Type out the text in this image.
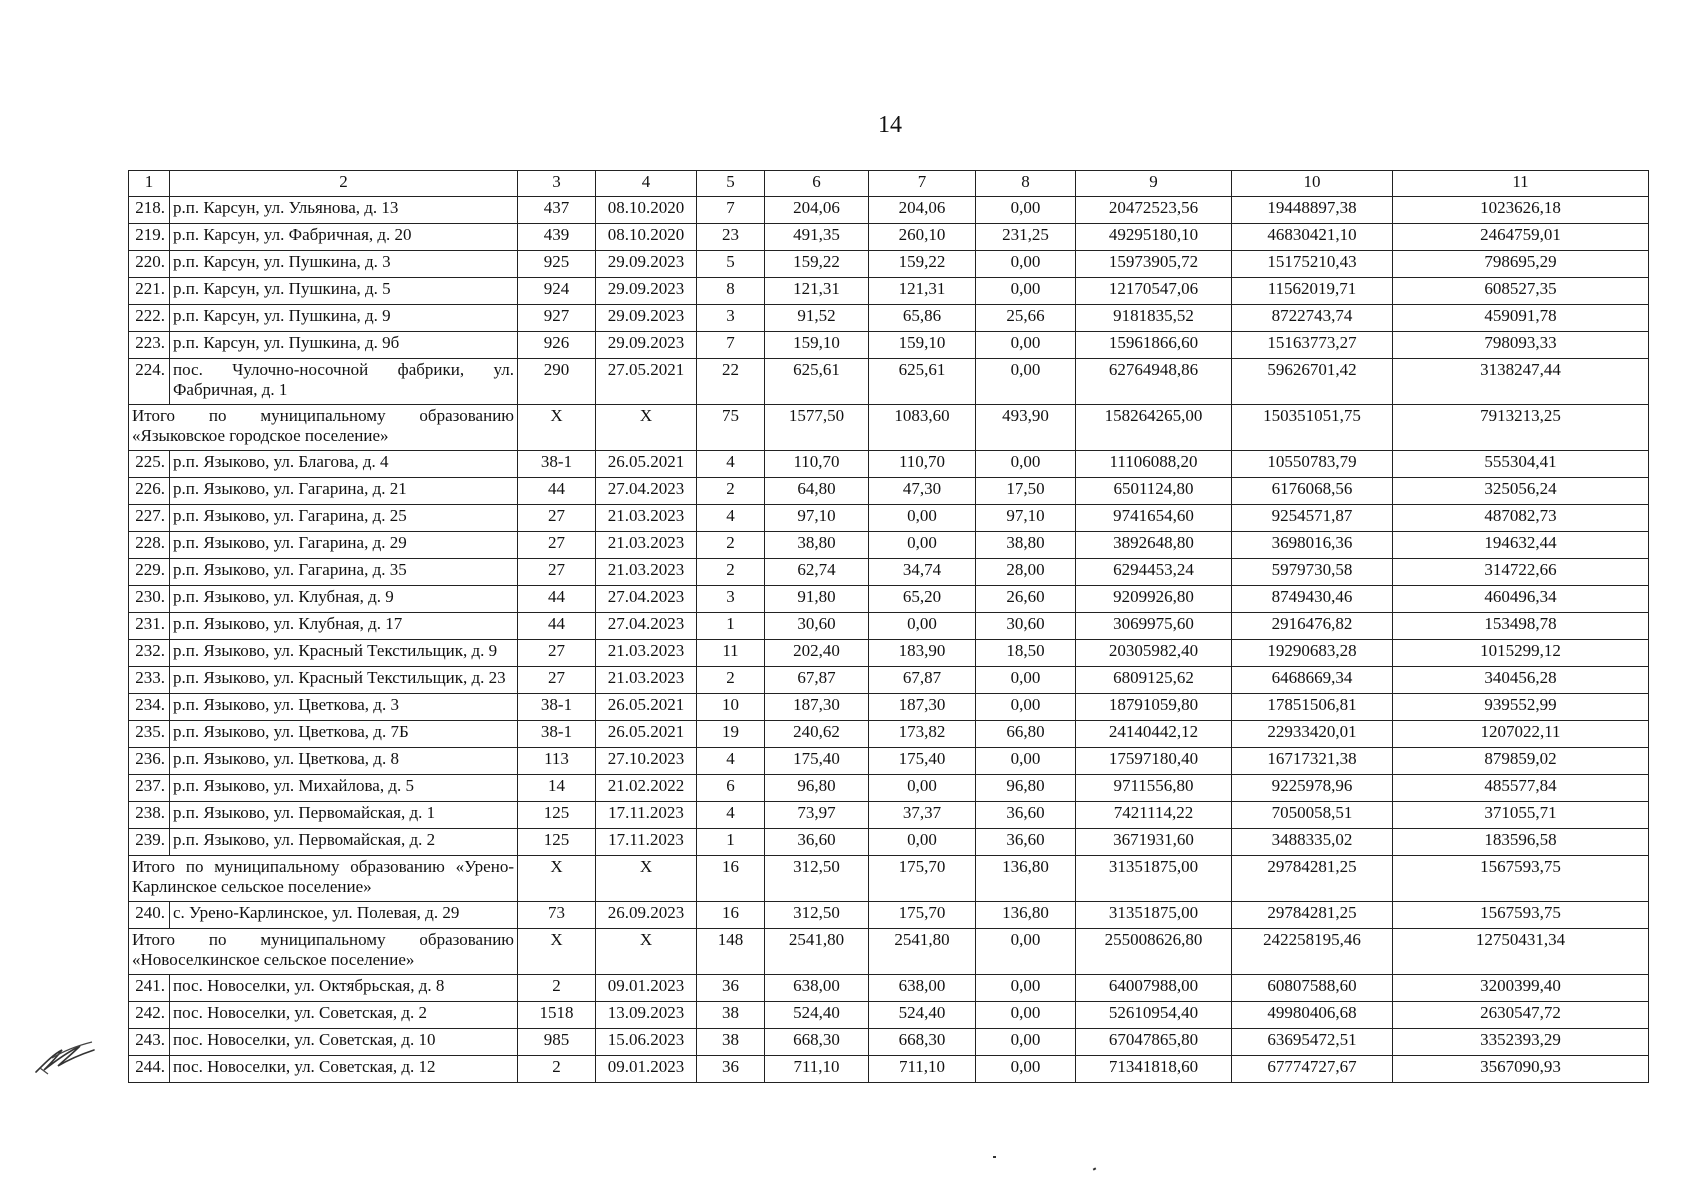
14
1	2	3	4	5	6	7	8	9	10	11
218.	р.п. Карсун, ул. Ульянова, д. 13	437	08.10.2020	7	204,06	204,06	0,00	20472523,56	19448897,38	1023626,18
219.	р.п. Карсун, ул. Фабричная, д. 20	439	08.10.2020	23	491,35	260,10	231,25	49295180,10	46830421,10	2464759,01
220.	р.п. Карсун, ул. Пушкина, д. 3	925	29.09.2023	5	159,22	159,22	0,00	15973905,72	15175210,43	798695,29
221.	р.п. Карсун, ул. Пушкина, д. 5	924	29.09.2023	8	121,31	121,31	0,00	12170547,06	11562019,71	608527,35
222.	р.п. Карсун, ул. Пушкина, д. 9	927	29.09.2023	3	91,52	65,86	25,66	9181835,52	8722743,74	459091,78
223.	р.п. Карсун, ул. Пушкина, д. 9б	926	29.09.2023	7	159,10	159,10	0,00	15961866,60	15163773,27	798093,33
224.	пос. Чулочно-носочной фабрики, ул. Фабричная, д. 1	290	27.05.2021	22	625,61	625,61	0,00	62764948,86	59626701,42	3138247,44
Итого по муниципальному образованию «Языковское городское поселение»		Х	Х	75	1577,50	1083,60	493,90	158264265,00	150351051,75	7913213,25
225.	р.п. Языково, ул. Благова, д. 4	38-1	26.05.2021	4	110,70	110,70	0,00	11106088,20	10550783,79	555304,41
226.	р.п. Языково, ул. Гагарина, д. 21	44	27.04.2023	2	64,80	47,30	17,50	6501124,80	6176068,56	325056,24
227.	р.п. Языково, ул. Гагарина, д. 25	27	21.03.2023	4	97,10	0,00	97,10	9741654,60	9254571,87	487082,73
228.	р.п. Языково, ул. Гагарина, д. 29	27	21.03.2023	2	38,80	0,00	38,80	3892648,80	3698016,36	194632,44
229.	р.п. Языково, ул. Гагарина, д. 35	27	21.03.2023	2	62,74	34,74	28,00	6294453,24	5979730,58	314722,66
230.	р.п. Языково, ул. Клубная, д. 9	44	27.04.2023	3	91,80	65,20	26,60	9209926,80	8749430,46	460496,34
231.	р.п. Языково, ул. Клубная, д. 17	44	27.04.2023	1	30,60	0,00	30,60	3069975,60	2916476,82	153498,78
232.	р.п. Языково, ул. Красный Текстильщик, д. 9	27	21.03.2023	11	202,40	183,90	18,50	20305982,40	19290683,28	1015299,12
233.	р.п. Языково, ул. Красный Текстильщик, д. 23	27	21.03.2023	2	67,87	67,87	0,00	6809125,62	6468669,34	340456,28
234.	р.п. Языково, ул. Цветкова, д. 3	38-1	26.05.2021	10	187,30	187,30	0,00	18791059,80	17851506,81	939552,99
235.	р.п. Языково, ул. Цветкова, д. 7Б	38-1	26.05.2021	19	240,62	173,82	66,80	24140442,12	22933420,01	1207022,11
236.	р.п. Языково, ул. Цветкова, д. 8	113	27.10.2023	4	175,40	175,40	0,00	17597180,40	16717321,38	879859,02
237.	р.п. Языково, ул. Михайлова, д. 5	14	21.02.2022	6	96,80	0,00	96,80	9711556,80	9225978,96	485577,84
238.	р.п. Языково, ул. Первомайская, д. 1	125	17.11.2023	4	73,97	37,37	36,60	7421114,22	7050058,51	371055,71
239.	р.п. Языково, ул. Первомайская, д. 2	125	17.11.2023	1	36,60	0,00	36,60	3671931,60	3488335,02	183596,58
Итого по муниципальному образованию «Урено-Карлинское сельское поселение»		Х	Х	16	312,50	175,70	136,80	31351875,00	29784281,25	1567593,75
240.	с. Урено-Карлинское, ул. Полевая, д. 29	73	26.09.2023	16	312,50	175,70	136,80	31351875,00	29784281,25	1567593,75
Итого по муниципальному образованию «Новоселкинское сельское поселение»		Х	Х	148	2541,80	2541,80	0,00	255008626,80	242258195,46	12750431,34
241.	пос. Новоселки, ул. Октябрьская, д. 8	2	09.01.2023	36	638,00	638,00	0,00	64007988,00	60807588,60	3200399,40
242.	пос. Новоселки, ул. Советская, д. 2	1518	13.09.2023	38	524,40	524,40	0,00	52610954,40	49980406,68	2630547,72
243.	пос. Новоселки, ул. Советская, д. 10	985	15.06.2023	38	668,30	668,30	0,00	67047865,80	63695472,51	3352393,29
244.	пос. Новоселки, ул. Советская, д. 12	2	09.01.2023	36	711,10	711,10	0,00	71341818,60	67774727,67	3567090,93
